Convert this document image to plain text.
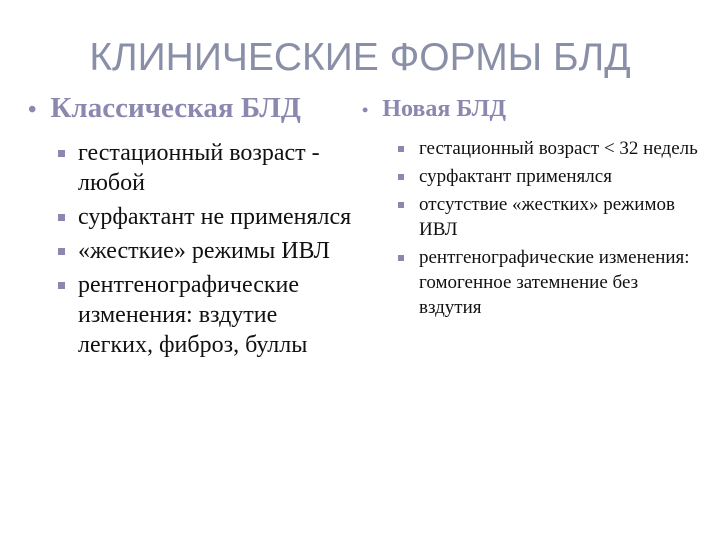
КЛИНИЧЕСКИЕ ФОРМЫ БЛД
• Классическая БЛД	• Новая БЛД
гестационный возраст - любой
сурфактант не применялся
«жесткие» режимы ИВЛ
рентгенографические изменения: вздутие легких, фиброз, буллы
гестационный возраст < 32 недель
сурфактант применялся
отсутствие «жестких» режимов ИВЛ
рентгенографические изменения: гомогенное затемнение без вздутия
